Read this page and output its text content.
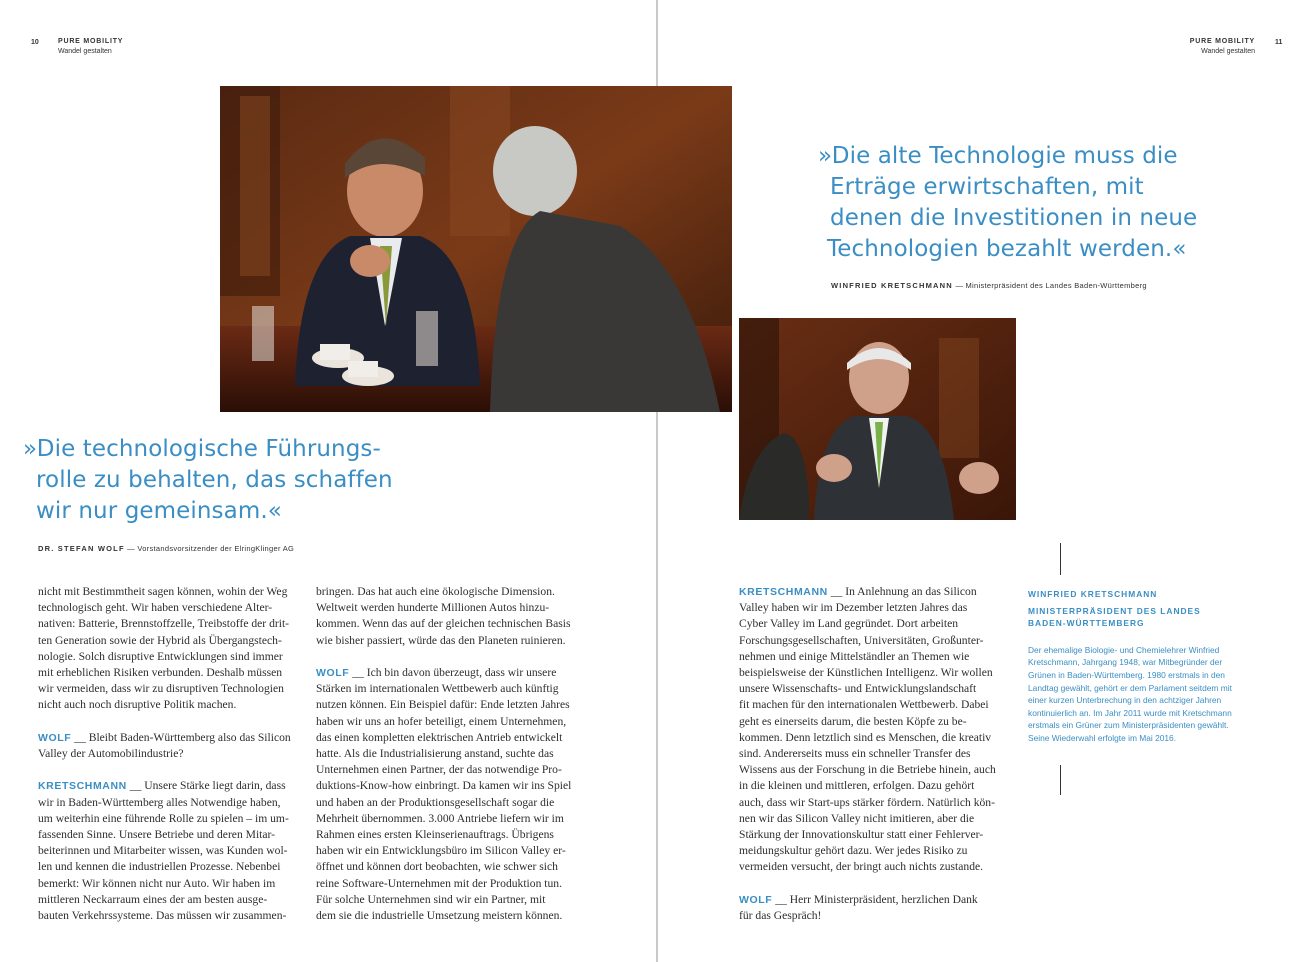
10	PURE MOBILITY
Wandel gestalten
PURE MOBILITY
Wandel gestalten
11
»Die technologische Führungs-
rolle zu behalten, das schaffen
wir nur gemeinsam.«
DR. STEFAN WOLF — Vorstandsvorsitzender der ElringKlinger AG
»Die alte Technologie muss die
Erträge erwirtschaften, mit
denen die Investitionen in neue
Technologien bezahlt werden.«
WINFRIED KRETSCHMANN — Ministerpräsident des Landes Baden-Württemberg

nicht mit Bestimmtheit sagen können, wohin der Weg
technologisch geht. Wir haben verschiedene Alter-
nativen: Batterie, Brennstoffzelle, Treibstoffe der drit-
ten Generation sowie der Hybrid als Übergangstech-
nologie. Solch disruptive Entwicklungen sind immer
mit erheblichen Risiken verbunden. Deshalb müssen
wir vermeiden, dass wir zu disruptiven Technologien
nicht auch noch disruptive Politik machen.

WOLF __ Bleibt Baden-Württemberg also das Silicon
Valley der Automobilindustrie?

KRETSCHMANN __ Unsere Stärke liegt darin, dass
wir in Baden-Württemberg alles Notwendige haben,
um weiterhin eine führende Rolle zu spielen – im um-
fassenden Sinne. Unsere Betriebe und deren Mitar-
beiterinnen und Mitarbeiter wissen, was Kunden wol-
len und kennen die industriellen Prozesse. Nebenbei
bemerkt: Wir können nicht nur Auto. Wir haben im
mittleren Neckarraum eines der am besten ausge-
bauten Verkehrssysteme. Das müssen wir zusammen-

bringen. Das hat auch eine ökologische Dimension.
Weltweit werden hunderte Millionen Autos hinzu-
kommen. Wenn das auf der gleichen technischen Basis
wie bisher passiert, würde das den Planeten ruinieren.

WOLF __ Ich bin davon überzeugt, dass wir unsere
Stärken im internationalen Wettbewerb auch künftig
nutzen können. Ein Beispiel dafür: Ende letzten Jahres
haben wir uns an hofer beteiligt, einem Unternehmen,
das einen kompletten elektrischen Antrieb entwickelt
hatte. Als die Industrialisierung anstand, suchte das
Unternehmen einen Partner, der das notwendige Pro-
duktions-Know-how einbringt. Da kamen wir ins Spiel
und haben an der Produktionsgesellschaft sogar die
Mehrheit übernommen. 3.000 Antriebe liefern wir im
Rahmen eines ersten Kleinserienauftrags. Übrigens
haben wir ein Entwicklungsbüro im Silicon Valley er-
öffnet und können dort beobachten, wie schwer sich
reine Software-Unternehmen mit der Produktion tun.
Für solche Unternehmen sind wir ein Partner, mit
dem sie die industrielle Umsetzung meistern können.

KRETSCHMANN __ In Anlehnung an das Silicon
Valley haben wir im Dezember letzten Jahres das
Cyber Valley im Land gegründet. Dort arbeiten
Forschungsgesellschaften, Universitäten, Großunter-
nehmen und einige Mittelständler an Themen wie
beispielsweise der Künstlichen Intelligenz. Wir wollen
unsere Wissenschafts- und Entwicklungslandschaft
fit machen für den internationalen Wettbewerb. Dabei
geht es einerseits darum, die besten Köpfe zu be-
kommen. Denn letztlich sind es Menschen, die kreativ
sind. Andererseits muss ein schneller Transfer des
Wissens aus der Forschung in die Betriebe hinein, auch
in die kleinen und mittleren, erfolgen. Dazu gehört
auch, dass wir Start-ups stärker fördern. Natürlich kön-
nen wir das Silicon Valley nicht imitieren, aber die
Stärkung der Innovationskultur statt einer Fehlerver-
meidungskultur gehört dazu. Wer jedes Risiko zu
vermeiden versucht, der bringt auch nichts zustande.

WOLF __ Herr Ministerpräsident, herzlichen Dank
für das Gespräch!

WINFRIED KRETSCHMANN
MINISTERPRÄSIDENT DES LANDES
BADEN-WÜRTTEMBERG
Der ehemalige Biologie- und Chemielehrer Winfried
Kretschmann, Jahrgang 1948, war Mitbegründer der
Grünen in Baden-Württemberg. 1980 erstmals in den
Landtag gewählt, gehört er dem Parlament seitdem mit
einer kurzen Unterbrechung in den achtziger Jahren
kontinuierlich an. Im Jahr 2011 wurde mit Kretschmann
erstmals ein Grüner zum Ministerpräsidenten gewählt.
Seine Wiederwahl erfolgte im Mai 2016.
